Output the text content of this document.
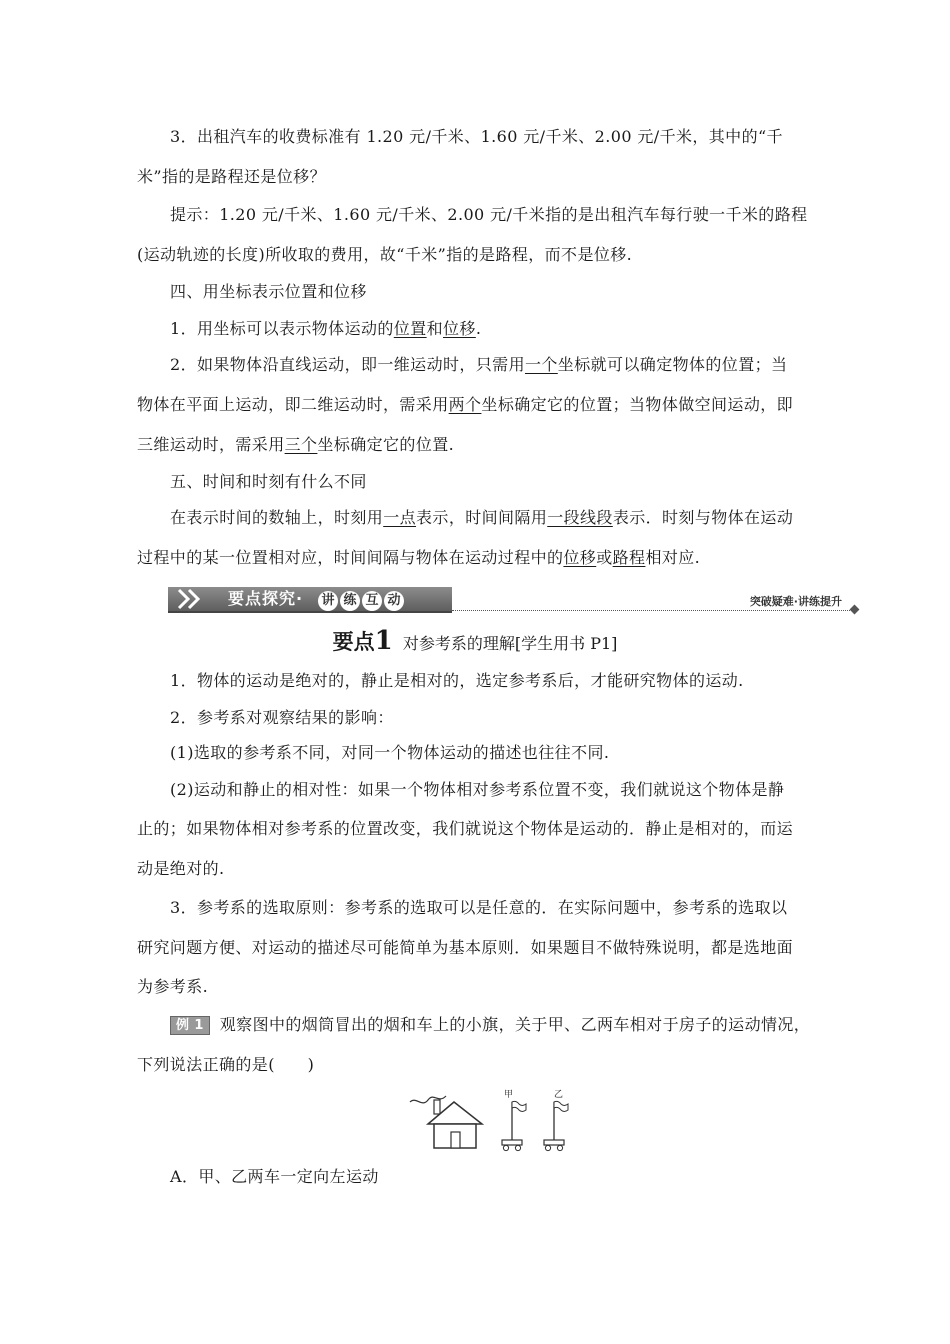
3．出租汽车的收费标准有 1.20 元/千米、1.60 元/千米、2.00 元/千米，其中的“千
米”指的是路程还是位移？
提示：1.20 元/千米、1.60 元/千米、2.00 元/千米指的是出租汽车每行驶一千米的路程
(运动轨迹的长度)所收取的费用，故“千米”指的是路程，而不是位移.
四、用坐标表示位置和位移
1．用坐标可以表示物体运动的位置和位移.
2．如果物体沿直线运动，即一维运动时，只需用一个坐标就可以确定物体的位置；当
物体在平面上运动，即二维运动时，需采用两个坐标确定它的位置；当物体做空间运动，即
三维运动时，需采用三个坐标确定它的位置.
五、时间和时刻有什么不同
在表示时间的数轴上，时刻用一点表示，时间间隔用一段线段表示．时刻与物体在运动
过程中的某一位置相对应，时间间隔与物体在运动过程中的位移或路程相对应.
要点探究· 讲 练 互 动	突破疑难·讲练提升
要点1 对参考系的理解[学生用书 P1]
1．物体的运动是绝对的，静止是相对的，选定参考系后，才能研究物体的运动.
2．参考系对观察结果的影响：
(1)选取的参考系不同，对同一个物体运动的描述也往往不同.
(2)运动和静止的相对性：如果一个物体相对参考系位置不变，我们就说这个物体是静
止的；如果物体相对参考系的位置改变，我们就说这个物体是运动的．静止是相对的，而运
动是绝对的.
3．参考系的选取原则：参考系的选取可以是任意的．在实际问题中，参考系的选取以
研究问题方便、对运动的描述尽可能简单为基本原则．如果题目不做特殊说明，都是选地面
为参考系.
例 1 观察图中的烟筒冒出的烟和车上的小旗，关于甲、乙两车相对于房子的运动情况，
下列说法正确的是(　　)
甲	乙
A．甲、乙两车一定向左运动
